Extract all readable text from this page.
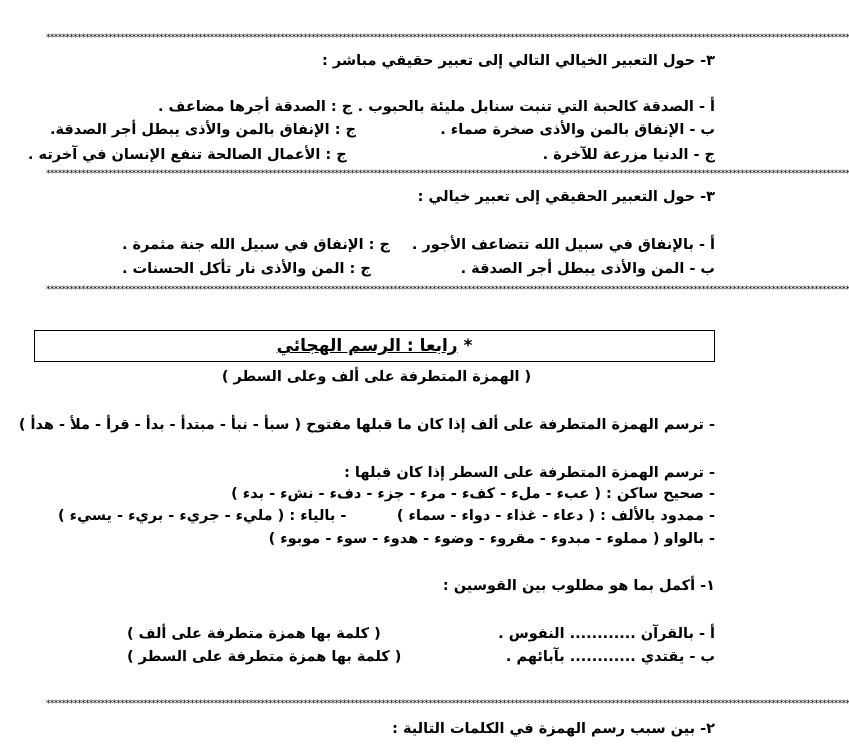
**************************************************************************************************************************************************************************************************************
٣- حول التعبير الخيالي التالي إلى تعبير حقيقي مباشر :
أ - الصدقة كالحبة التي تنبت سنابل مليئة بالحبوب .
ج : الصدقة أجرها مضاعف .
ب - الإنفاق بالمن والأذى صخرة صماء .
ج : الإنفاق بالمن والأذى يبطل أجر الصدقة.
ج - الدنيا مزرعة للآخرة .
ج : الأعمال الصالحة تنفع الإنسان في آخرته .
**************************************************************************************************************************************************************************************************************
٣- حول التعبير الحقيقي إلى تعبير خيالي :
أ - بالإنفاق في سبيل الله تتضاعف الأجور .
ج : الإنفاق في سبيل الله جنة مثمرة .
ب - المن والأذى يبطل أجر الصدقة .
ج : المن والأذى نار تأكل الحسنات .
**************************************************************************************************************************************************************************************************************
* رابعا : الرسم الهجائي
( الهمزة المتطرفة على ألف وعلى السطر )
- ترسم الهمزة المتطرفة على ألف إذا كان ما قبلها مفتوح ( سبأ - نبأ - مبتدأ - بدأ - قرأ - ملأ - هدأ )
- ترسم الهمزة المتطرفة على السطر إذا كان قبلها :
- صحيح ساكن : ( عبء - ملء - كفء - مرء - جزء - دفء - نشء - بدء )
- ممدود بالألف : ( دعاء - غذاء - دواء - سماء )
- بالياء : ( مليء - جريء - بريء - يسيء )
- بالواو ( مملوء - مبدوء - مقروء - وضوء - هدوء - سوء - موبوء )
١- أكمل بما هو مطلوب بين القوسين :
أ - بالقرآن ............ النفوس .
( كلمة بها همزة متطرفة على ألف )
ب - يقتدي ............ بآبائهم .
( كلمة بها همزة متطرفة على السطر )
**************************************************************************************************************************************************************************************************************
٢- بين سبب رسم الهمزة في الكلمات التالية :
